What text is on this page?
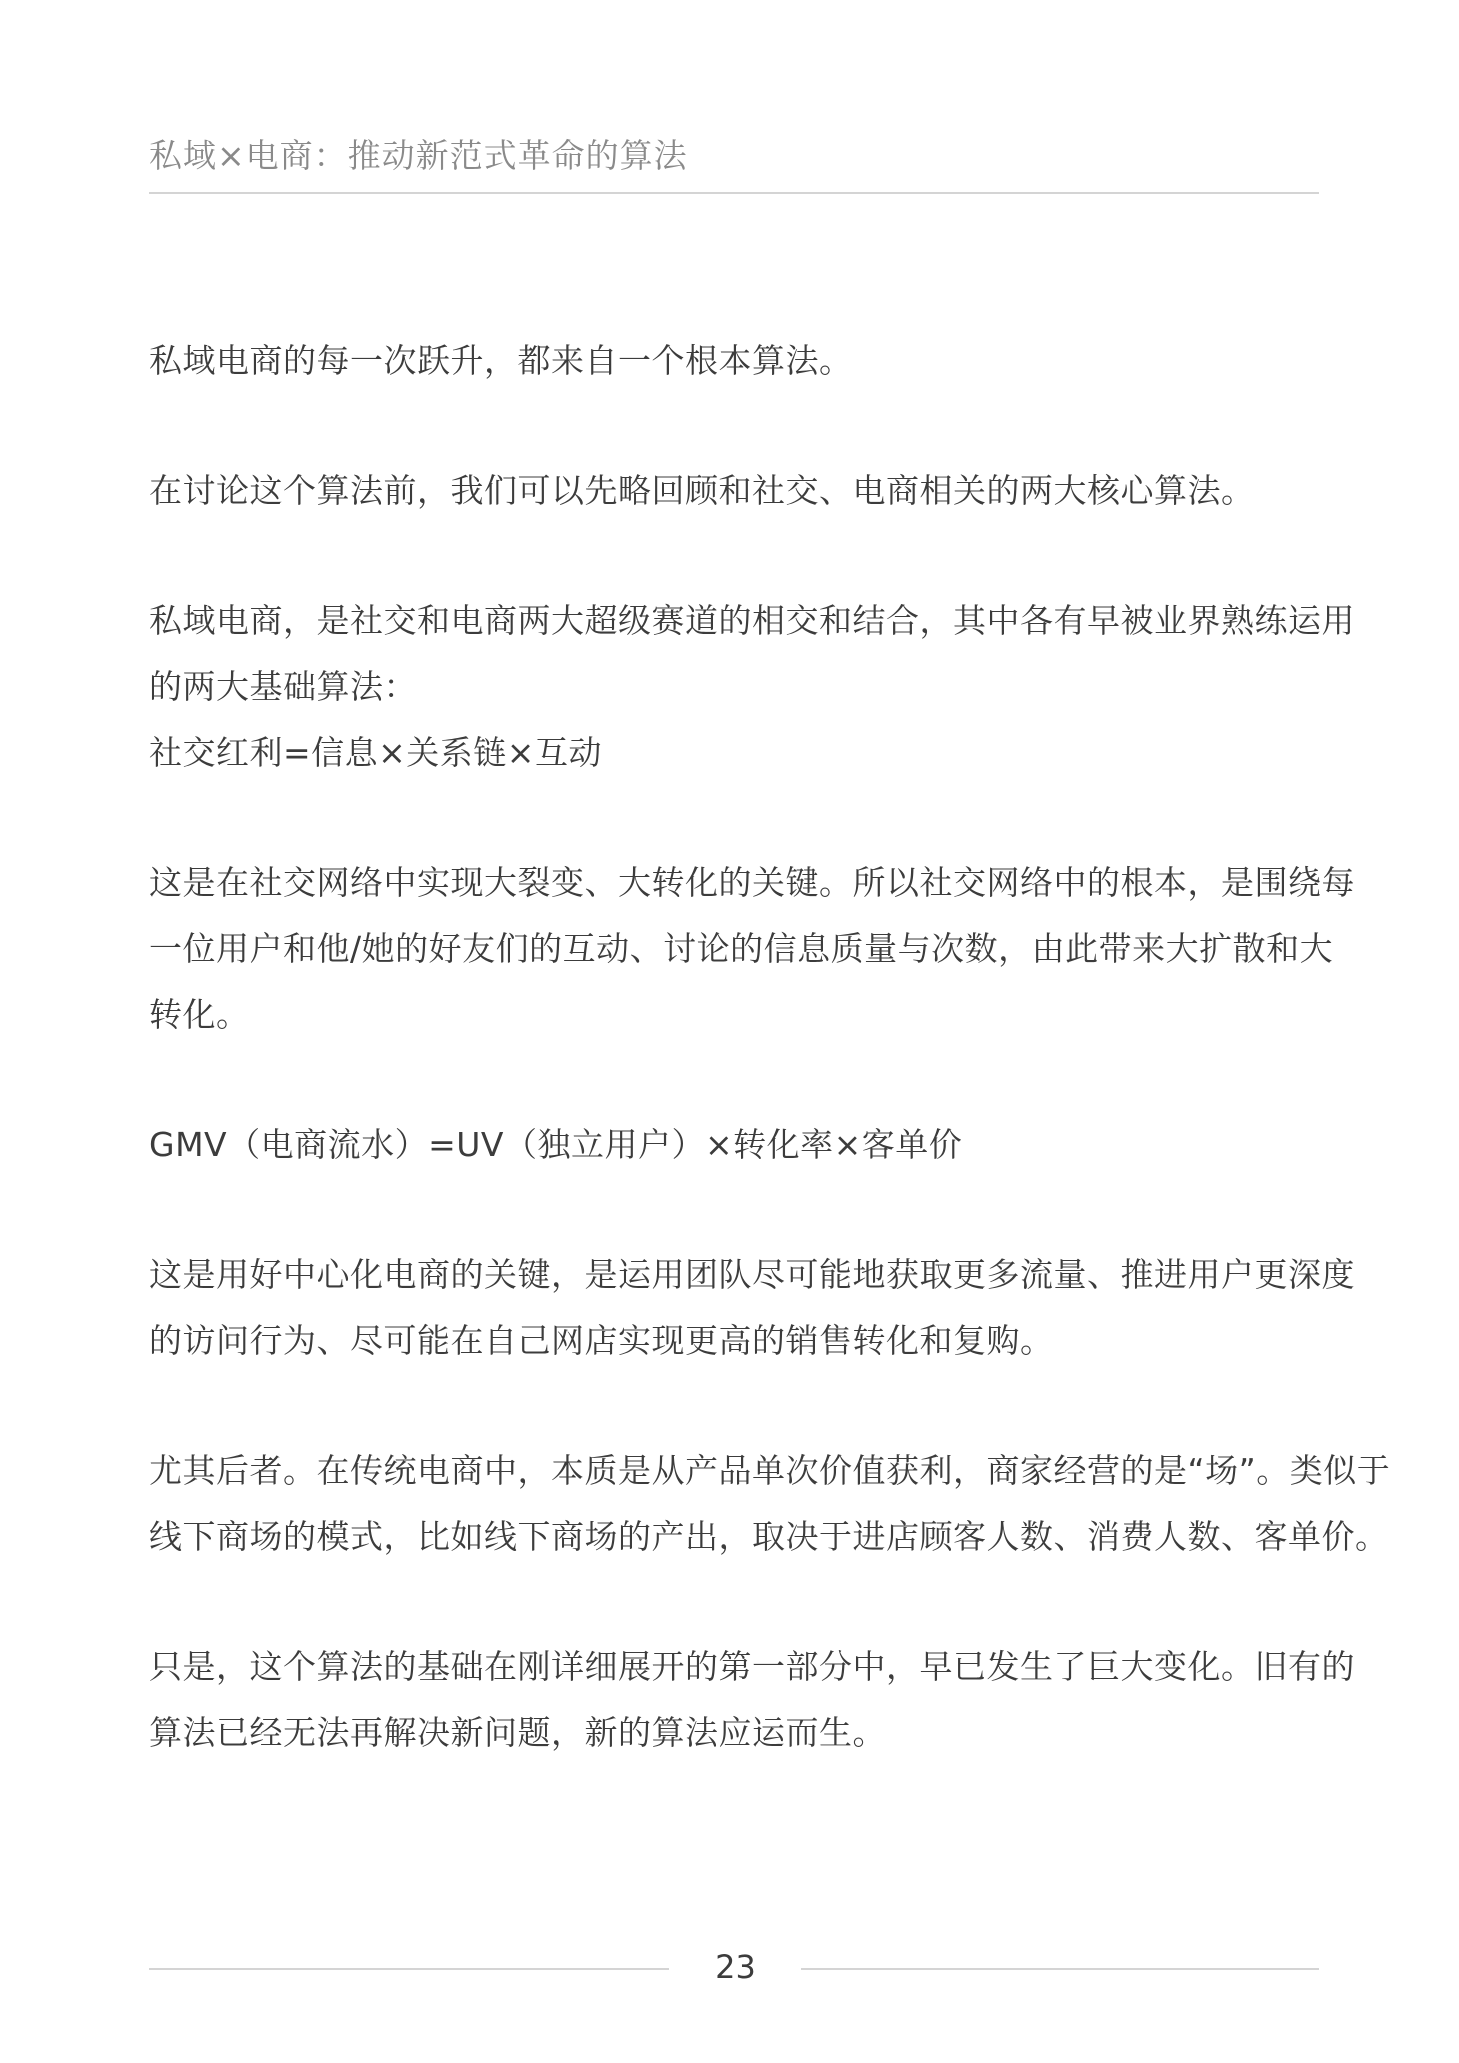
私域×电商：推动新范式革命的算法

私域电商的每一次跃升，都来自一个根本算法。

在讨论这个算法前，我们可以先略回顾和社交、电商相关的两大核心算法。

私域电商，是社交和电商两大超级赛道的相交和结合，其中各有早被业界熟练运用
的两大基础算法：
社交红利=信息×关系链×互动

这是在社交网络中实现大裂变、大转化的关键。所以社交网络中的根本，是围绕每
一位用户和他/她的好友们的互动、讨论的信息质量与次数，由此带来大扩散和大
转化。

GMV（电商流水）=UV（独立用户）×转化率×客单价

这是用好中心化电商的关键，是运用团队尽可能地获取更多流量、推进用户更深度
的访问行为、尽可能在自己网店实现更高的销售转化和复购。

尤其后者。在传统电商中，本质是从产品单次价值获利，商家经营的是“场”。类似于
线下商场的模式，比如线下商场的产出，取决于进店顾客人数、消费人数、客单价。

只是，这个算法的基础在刚详细展开的第一部分中，早已发生了巨大变化。旧有的
算法已经无法再解决新问题，新的算法应运而生。

23
